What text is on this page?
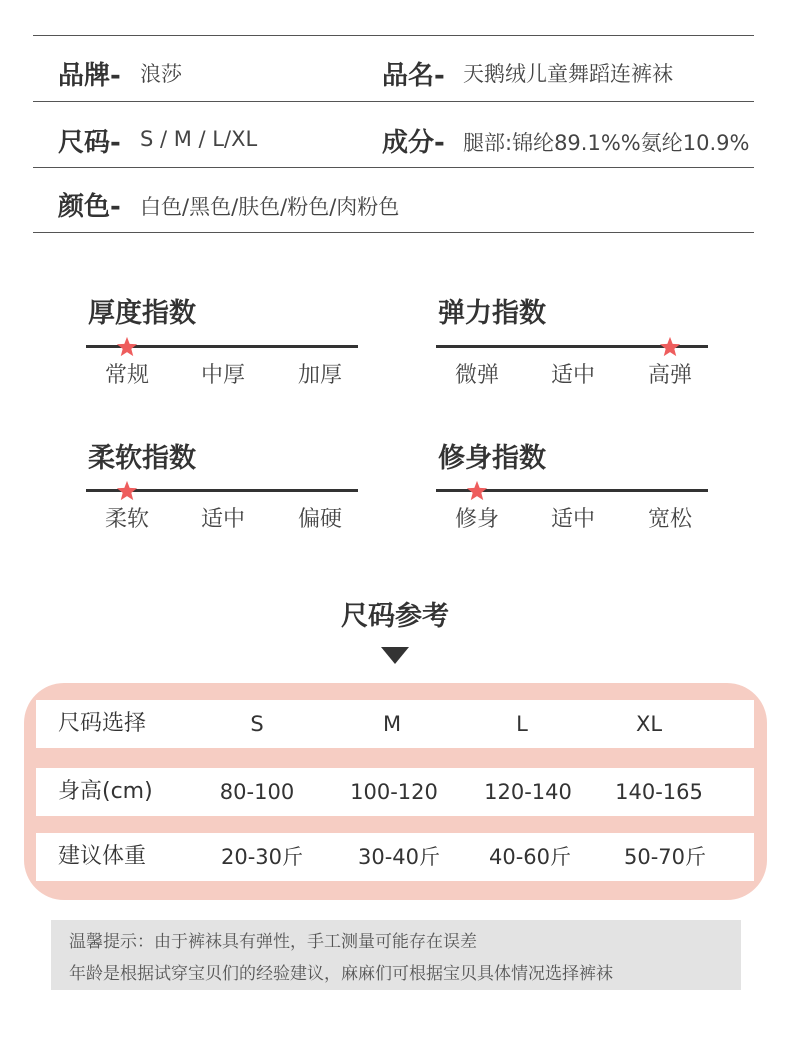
品牌- 浪莎	品名- 天鹅绒儿童舞蹈连裤袜
尺码- S / M / L/XL	成分- 腿部:锦纶89.1%%氨纶10.9%
颜色- 白色/黑色/肤色/粉色/肉粉色
厚度指数
常规	中厚	加厚
弹力指数
微弹	适中	高弹
柔软指数
柔软	适中	偏硬
修身指数
修身	适中	宽松
尺码参考
尺码选择	S	M	L	XL
身高(cm)	80-100	100-120	120-140	140-165
建议体重	20-30斤	30-40斤	40-60斤	50-70斤
温馨提示：由于裤袜具有弹性，手工测量可能存在误差
年龄是根据试穿宝贝们的经验建议，麻麻们可根据宝贝具体情况选择裤袜
